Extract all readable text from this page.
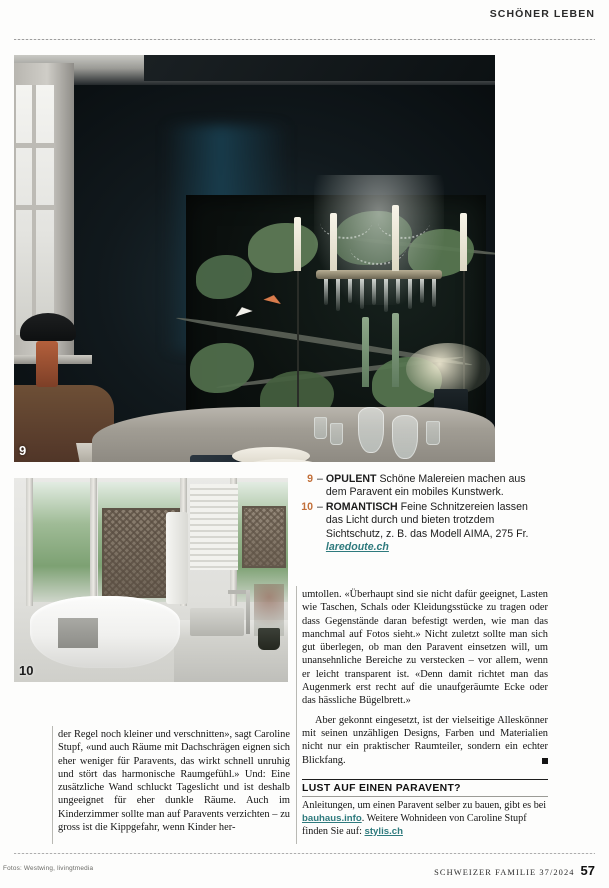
SCHÖNER LEBEN
9
10
9 – OPULENT Schöne Malereien machen aus dem Paravent ein mobiles Kunstwerk.
10 – ROMANTISCH Feine Schnitzereien lassen das Licht durch und bieten trotzdem Sichtschutz, z. B. das Modell AIMA, 275 Fr. laredoute.ch

der Regel noch kleiner und verschnitten», sagt Caroline Stupf, «und auch Räume mit Dachschrägen eignen sich eher weniger für Paravents, das wirkt schnell unruhig und stört das harmonische Raumgefühl.» Und: Eine zusätzliche Wand schluckt Tageslicht und ist deshalb ungeeignet für eher dunkle Räume. Auch im Kinderzimmer sollte man auf Paravents verzichten – zu gross ist die Kippgefahr, wenn Kinder her-

umtollen. «Überhaupt sind sie nicht dafür geeignet, Lasten wie Taschen, Schals oder Kleidungsstücke zu tragen oder dass Gegenstände daran befestigt werden, wie man das manchmal auf Fotos sieht.» Nicht zuletzt sollte man sich gut überlegen, ob man den Paravent einsetzen will, um unansehnliche Bereiche zu verstecken – vor allem, wenn er leicht transparent ist. «Denn damit richtet man das Augenmerk erst recht auf die unaufgeräumte Ecke oder das hässliche Bügelbrett.»

Aber gekonnt eingesetzt, ist der vielseitige Alleskönner mit seinen unzähligen Designs, Farben und Materialien nicht nur ein praktischer Raumteiler, sondern ein echter Blickfang.

LUST AUF EINEN PARAVENT?
Anleitungen, um einen Paravent selber zu bauen, gibt es bei bauhaus.info. Weitere Wohnideen von Caroline Stupf finden Sie auf: stylis.ch
Fotos: Westwing, livingtmedia	SCHWEIZER FAMILIE 37/2024 57
